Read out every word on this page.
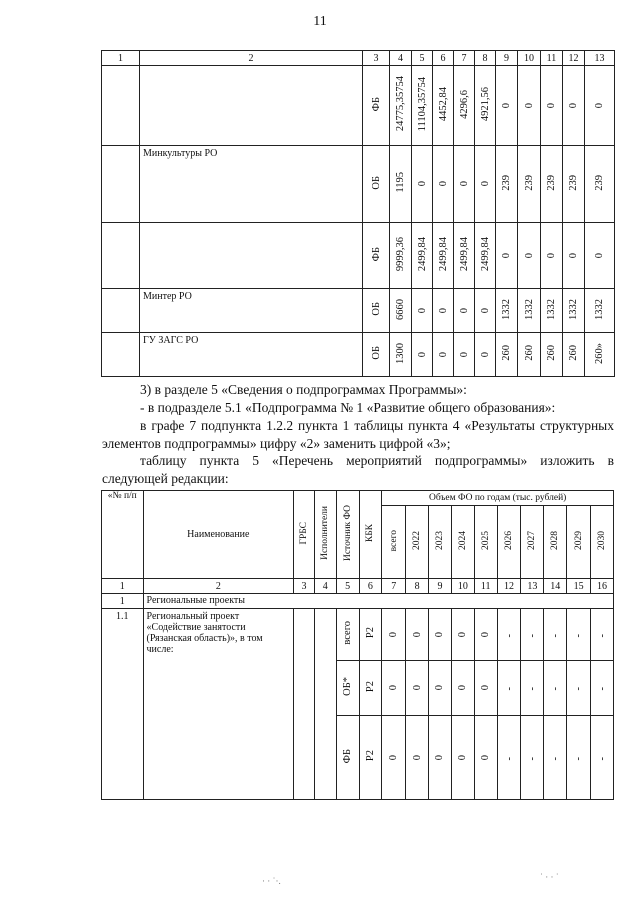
11
1	2	3	4	5	6	7	8	9	10	11	12	13
		ФБ	24775,35754	11104,35754	4452,84	4296,6	4921,56	0	0	0	0	0
	Минкультуры РО	ОБ	1195	0	0	0	0	239	239	239	239	239
		ФБ	9999,36	2499,84	2499,84	2499,84	2499,84	0	0	0	0	0
	Минтер РО	ОБ	6660	0	0	0	0	1332	1332	1332	1332	1332
	ГУ ЗАГС РО	ОБ	1300	0	0	0	0	260	260	260	260	260»
3) в разделе 5 «Сведения о подпрограммах Программы»:
- в подразделе 5.1 «Подпрограмма № 1 «Развитие общего образования»:
в графе 7 подпункта 1.2.2 пункта 1 таблицы пункта 4 «Результаты структурных элементов подпрограммы» цифру «2» заменить цифрой «3»;
таблицу пункта 5 «Перечень мероприятий подпрограммы» изложить в следующей редакции:
«№ п/п	Наименование	ГРБС	Исполнители	Источник ФО	КБК	Объем ФО по годам (тыс. рублей)									
						всего	2022	2023	2024	2025	2026	2027	2028	2029	2030
1	2	3	4	5	6	7	8	9	10	11	12	13	14	15	16
1	Региональные проекты														
1.1	Региональный проект «Содействие занятости (Рязанская область)», в том числе:			всего	Р2	0	0	0	0	0	-	-	-	-	-
				ОБ*	Р2	0	0	0	0	0	-	-	-	-	-
				ФБ	Р2	0	0	0	0	0	-	-	-	-	-
· · ˙·.	˙ · · ˙
